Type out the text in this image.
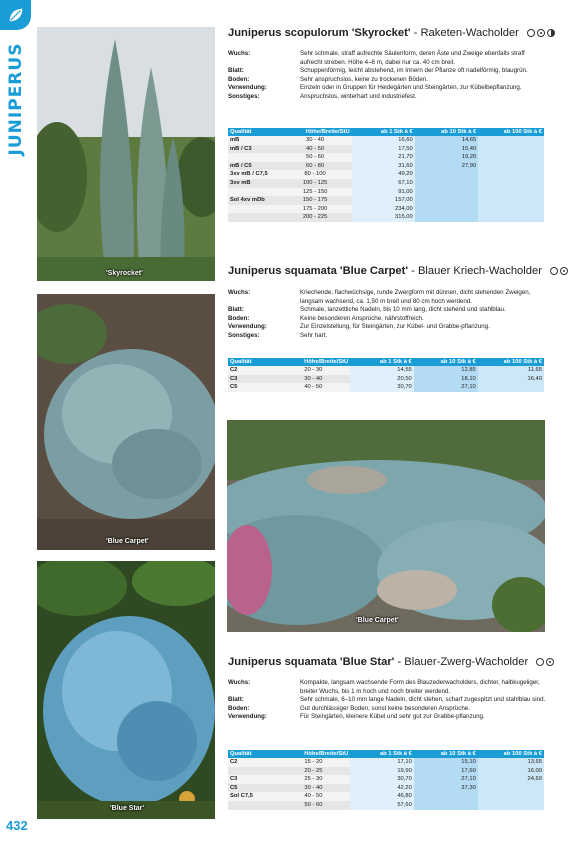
JUNIPERUS
'Skyrocket'
'Blue Carpet'
'Blue Star'
'Blue Carpet'
Juniperus scopulorum 'Skyrocket' - Raketen-Wacholder
Wuchs:	Sehr schmale, straff aufrechte Säulenform, deren Äste und Zweige ebenfalls straff aufrecht streben. Höhe 4–6 m, dabei nur ca. 40 cm breit.
Blatt:	Schuppenförmig, leicht abstehend, im Innern der Pflanze oft nadelförmig, blaugrün.
Boden:	Sehr anspruchslos, keine zu trockenen Böden.
Verwendung:	Einzeln oder in Gruppen für Heidegärten und Steingärten, zur Kübelbepflanzung.
Sonstiges:	Anspruchslos, winterhart und industriefest.
Qualität	Höhe/Breite/StU	ab 1 Stk à €	ab 10 Stk à €	ab 100 Stk à €
mB	30 - 40	16,60	14,65	
mB / C3	40 - 50	17,50	15,40	
	50 - 60	21,70	19,20	
mB / C5	60 - 80	31,60	27,90	
3xv mB / C7,5	80 - 100	49,20		
3xv mB	100 - 125	67,10		
	125 - 150	91,00		
Sol 4xv mDb	150 - 175	157,00		
	175 - 200	234,00		
	200 - 225	315,00		
Juniperus squamata 'Blue Carpet' - Blauer Kriech-Wacholder
Wuchs:	Kriechende, flachwüchsige, runde Zwergform mit dünnen, dicht stehenden Zweigen, langsam wachsend, ca. 1,50 m breit und 80 cm hoch werdend.
Blatt:	Schmale, lanzettliche Nadeln, bis 10 mm lang, dicht stehend und stahlblau.
Boden:	Keine besonderen Ansprüche, nährstoffreich.
Verwendung:	Zur Einzelstellung, für Steingärten, zur Kübel- und Grabbe-pflanzung.
Sonstiges:	Sehr hart.
Qualität	Höhe/Breite/StU	ab 1 Stk à €	ab 10 Stk à €	ab 100 Stk à €
C2	20 - 30	14,55	12,85	11,65
C3	30 - 40	20,50	18,10	16,40
C5	40 - 50	30,70	27,10	
Juniperus squamata 'Blue Star' - Blauer-Zwerg-Wacholder
Wuchs:	Kompakte, langsam wachsende Form des Blauzederwacholders, dichter, halbkugeliger, breiter Wuchs, bis 1 m hoch und noch breiter werdend.
Blatt:	Sehr schmale, 6–10 mm lange Nadeln, dicht stehen, scharf zugespitzt und stahlblau sind.
Boden:	Gut durchlässiger Boden, sonst keine besonderen Ansprüche.
Verwendung:	Für Steingärten, kleinere Kübel und sehr gut zur Grabbe-pflanzung.
Qualität	Höhe/Breite/StU	ab 1 Stk à €	ab 10 Stk à €	ab 100 Stk à €
C2	15 - 20	17,10	15,10	13,65
	20 - 25	19,90	17,60	16,00
C3	25 - 30	30,70	27,10	24,60
C5	30 - 40	42,20	37,30	
Sol C7,5	40 - 50	46,80		
	50 - 60	57,60		
432
